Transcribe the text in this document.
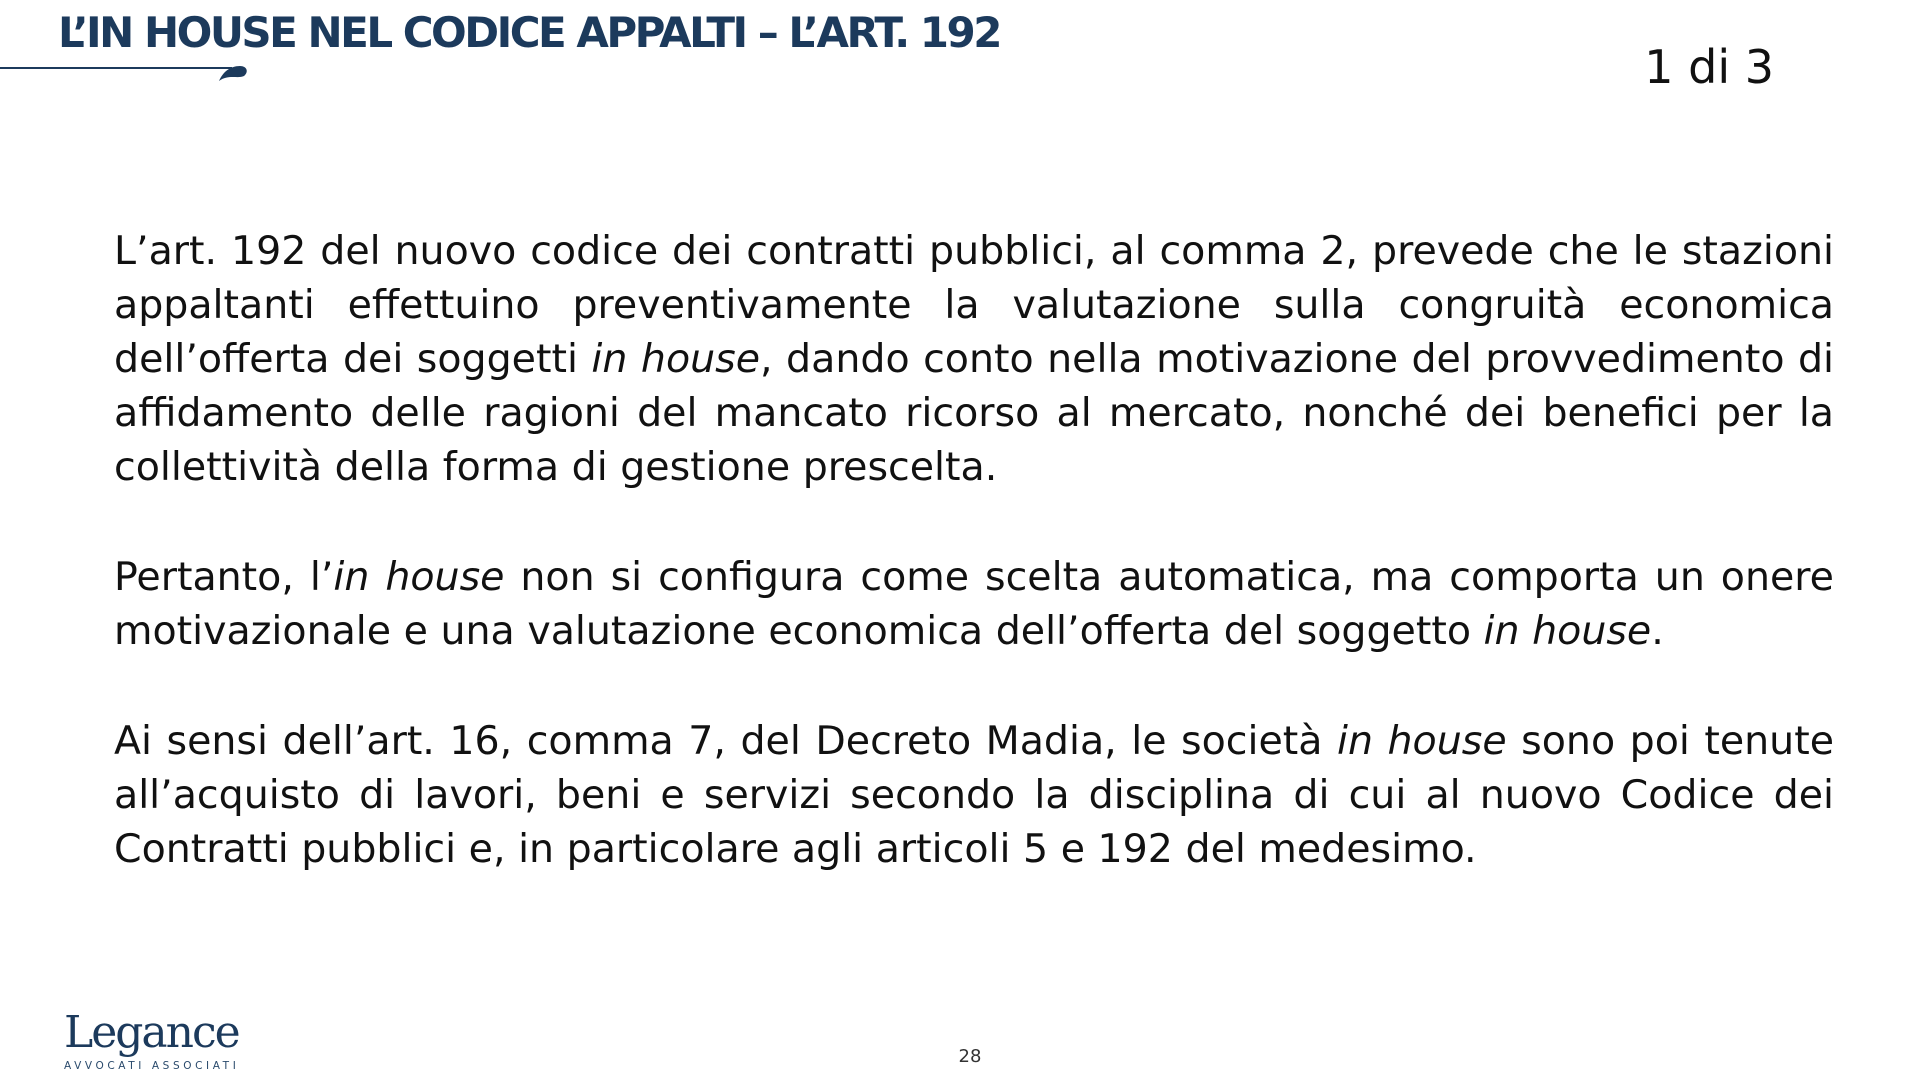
L’IN HOUSE NEL CODICE APPALTI – L’ART. 192
1 di 3

L’art. 192 del nuovo codice dei contratti pubblici, al comma 2, prevede che le stazioni appaltanti effettuino preventivamente la valutazione sulla congruità economica dell’offerta dei soggetti in house, dando conto nella motivazione del provvedimento di affidamento delle ragioni del mancato ricorso al mercato, nonché dei benefici per la collettività della forma di gestione prescelta.

Pertanto, l’in house non si configura come scelta automatica, ma comporta un onere motivazionale e una valutazione economica dell’offerta del soggetto in house.

Ai sensi dell’art. 16, comma 7, del Decreto Madia, le società in house sono poi tenute all’acquisto di lavori, beni e servizi secondo la disciplina di cui al nuovo Codice dei Contratti pubblici e, in particolare agli articoli 5 e 192 del medesimo.

Legance
AVVOCATI ASSOCIATI	28
